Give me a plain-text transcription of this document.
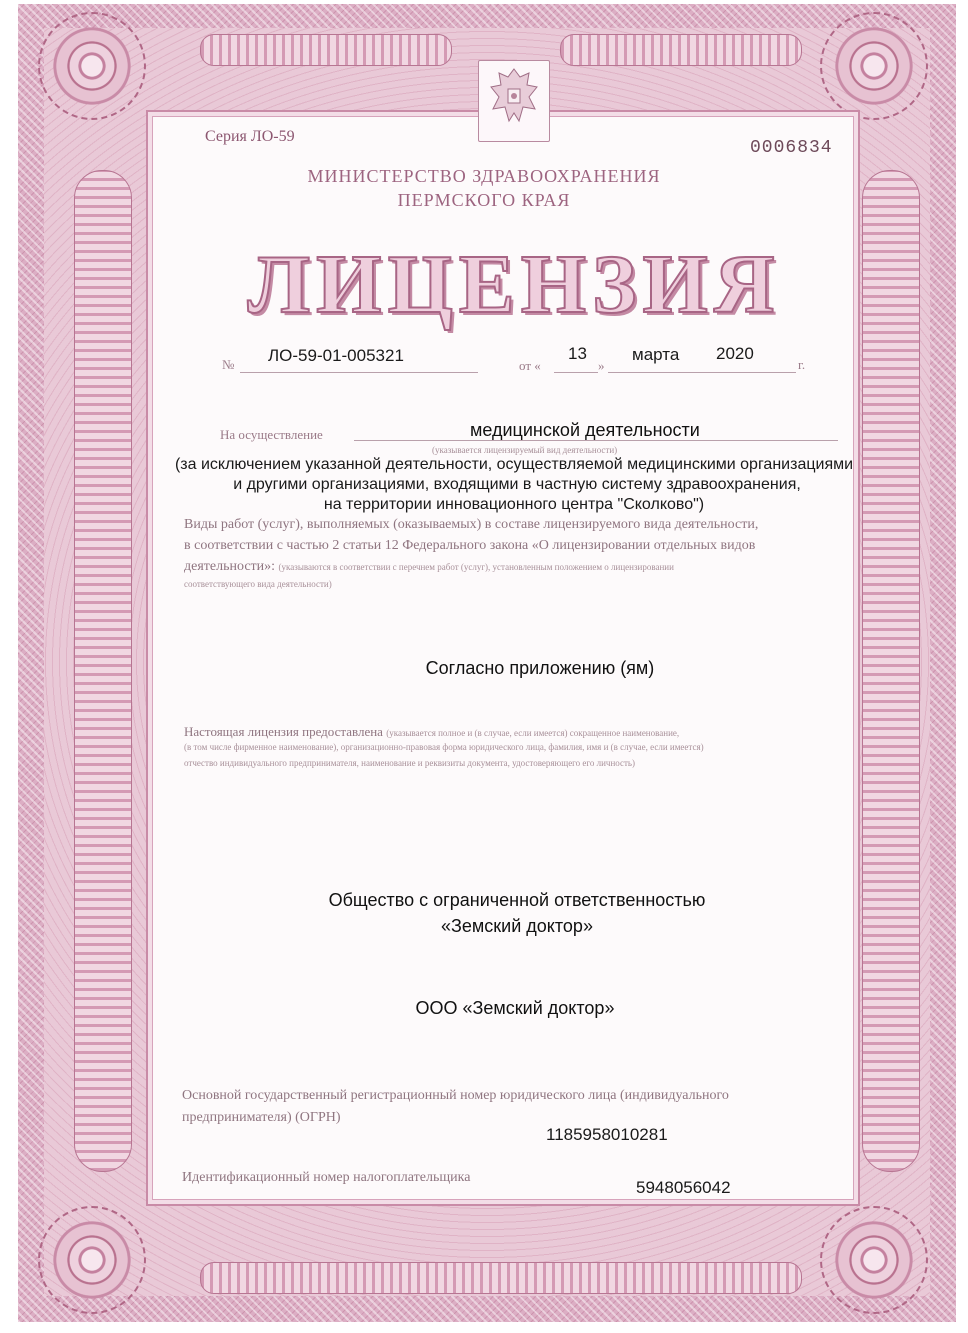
Серия ЛО-59
0006834
МИНИСТЕРСТВО ЗДРАВООХРАНЕНИЯ
ПЕРМСКОГО КРАЯ
ЛИЦЕНЗИЯ
№ ЛО-59-01-005321
от «
13
»
марта 2020
г.
На осуществление	медицинской деятельности
(указывается лицензируемый вид деятельности)
(за исключением указанной деятельности, осуществляемой медицинскими организациями
и другими организациями, входящими в частную систему здравоохранения,
на территории инновационного центра "Сколково")
Виды работ (услуг), выполняемых (оказываемых) в составе лицензируемого вида деятельности,
в соответствии с частью 2 статьи 12 Федерального закона «О лицензировании отдельных видов
деятельности»: (указываются в соответствии с перечнем работ (услуг), установленным положением о лицензировании
соответствующего вида деятельности)
Согласно приложению (ям)
Настоящая лицензия предоставлена (указывается полное и (в случае, если имеется) сокращенное наименование,
(в том числе фирменное наименование), организационно-правовая форма юридического лица, фамилия, имя и (в случае, если имеется)
отчество индивидуального предпринимателя, наименование и реквизиты документа, удостоверяющего его личность)
Общество с ограниченной ответственностью
«Земский доктор»
ООО «Земский доктор»
Основной государственный регистрационный номер юридического лица (индивидуального
предпринимателя) (ОГРН)
1185958010281
Идентификационный номер налогоплательщика
5948056042
